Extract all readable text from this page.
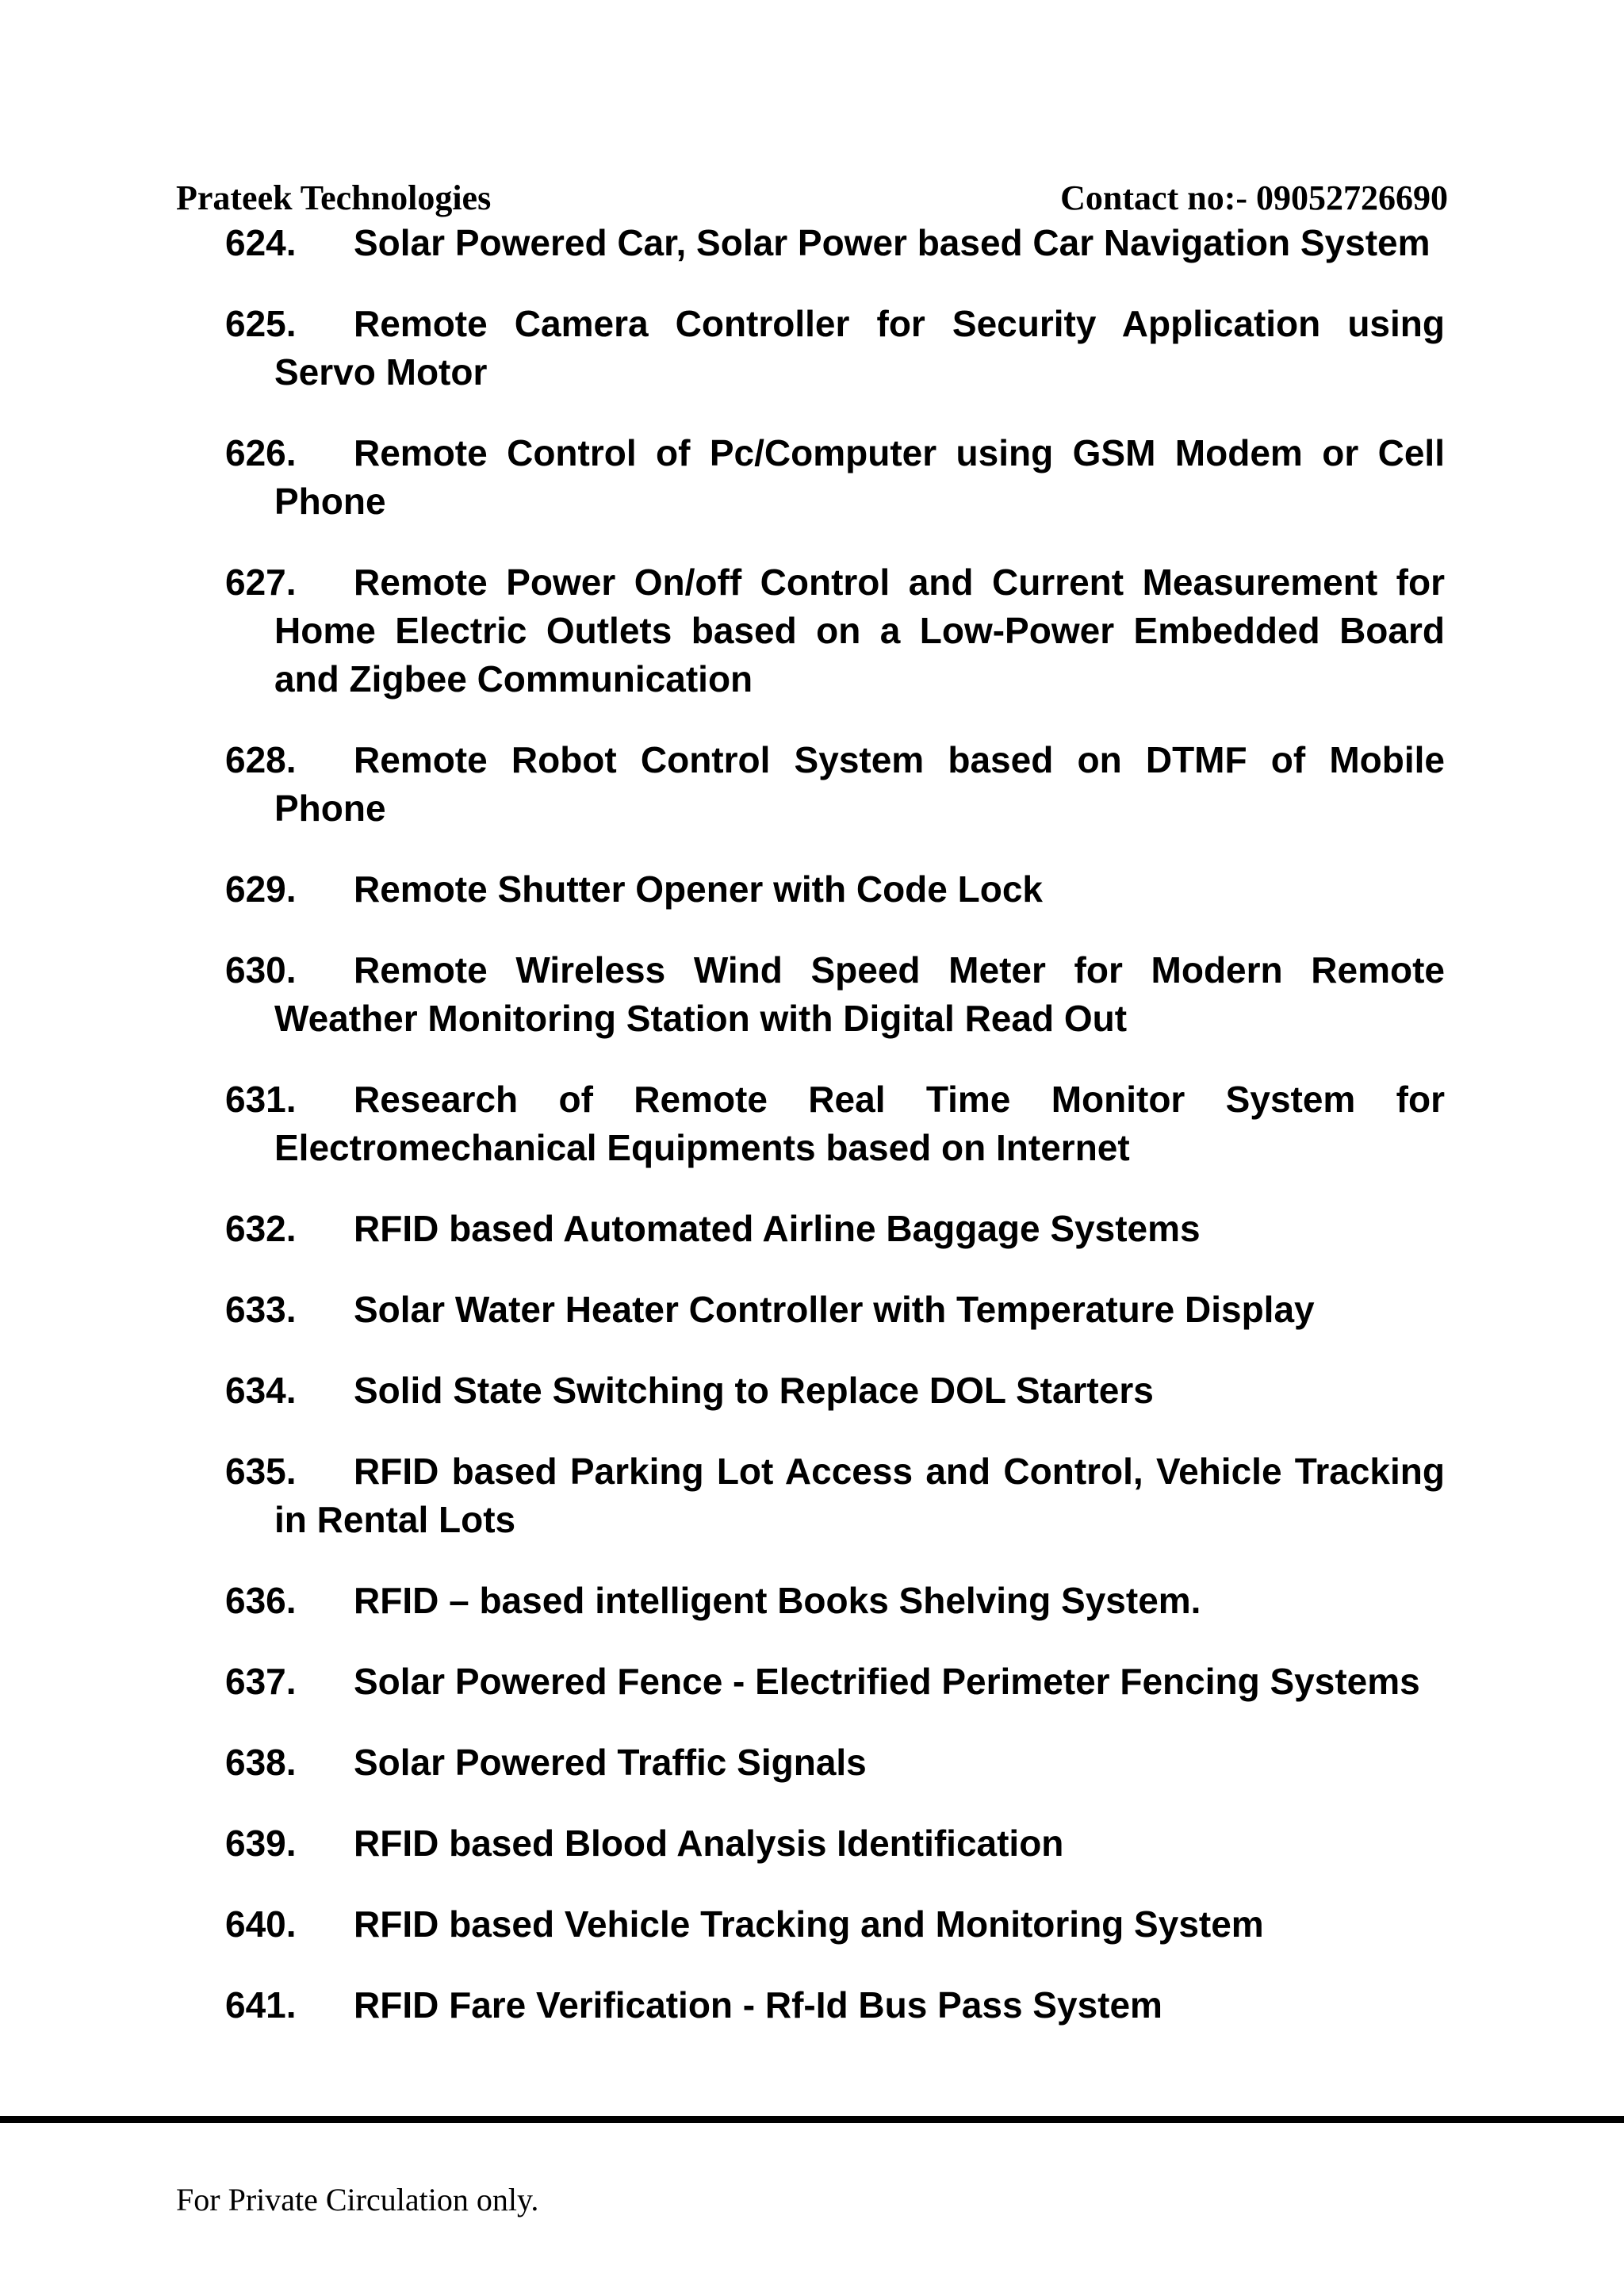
Prateek Technologies	Contact no:- 09052726690
624. Solar Powered Car, Solar Power based Car Navigation System
625. Remote Camera Controller for Security Application using Servo Motor
626. Remote Control of Pc/Computer using GSM Modem or Cell Phone
627. Remote Power On/off Control and Current Measurement for Home Electric Outlets based on a Low-Power Embedded Board and Zigbee Communication
628. Remote Robot Control System based on DTMF of Mobile Phone
629. Remote Shutter Opener with Code Lock
630. Remote Wireless Wind Speed Meter for Modern Remote Weather Monitoring Station with Digital Read Out
631. Research of Remote Real Time Monitor System for Electromechanical Equipments based on Internet
632. RFID based Automated Airline Baggage Systems
633. Solar Water Heater Controller with Temperature Display
634. Solid State Switching to Replace DOL Starters
635. RFID based Parking Lot Access and Control, Vehicle Tracking in Rental Lots
636. RFID – based intelligent Books Shelving System.
637. Solar Powered Fence - Electrified Perimeter Fencing Systems
638. Solar Powered Traffic Signals
639. RFID based Blood Analysis Identification
640. RFID based Vehicle Tracking and Monitoring System
641. RFID Fare Verification - Rf-Id Bus Pass System
For Private Circulation only.
